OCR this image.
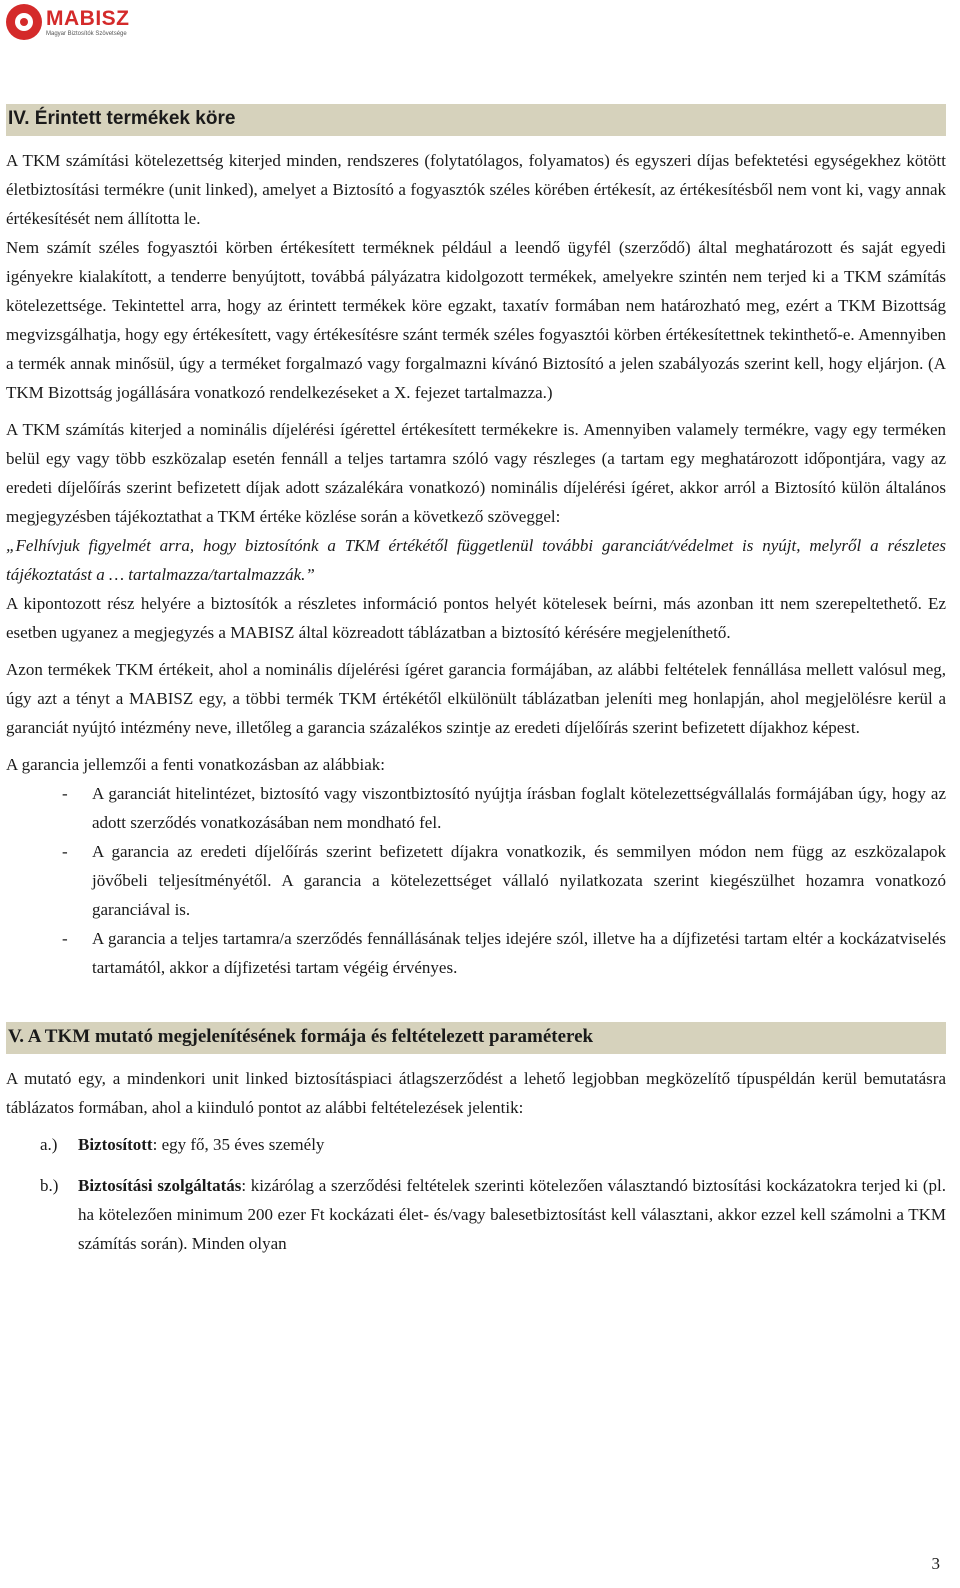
MABISZ
Magyar Biztosítók Szövetsége
IV. Érintett termékek köre

A TKM számítási kötelezettség kiterjed minden, rendszeres (folytatólagos, folyamatos) és egyszeri díjas befektetési egységekhez kötött életbiztosítási termékre (unit linked), amelyet a Biztosító a fogyasztók széles körében értékesít, az értékesítésből nem vont ki, vagy annak értékesítését nem állította le.

Nem számít széles fogyasztói körben értékesített terméknek például a leendő ügyfél (szerződő) által meghatározott és saját egyedi igényekre kialakított, a tenderre benyújtott, továbbá pályázatra kidolgozott termékek, amelyekre szintén nem terjed ki a TKM számítás kötelezettsége. Tekintettel arra, hogy az érintett termékek köre egzakt, taxatív formában nem határozható meg, ezért a TKM Bizottság megvizsgálhatja, hogy egy értékesített, vagy értékesítésre szánt termék széles fogyasztói körben értékesítettnek tekinthető-e. Amennyiben a termék annak minősül, úgy a terméket forgalmazó vagy forgalmazni kívánó Biztosító a jelen szabályozás szerint kell, hogy eljárjon. (A TKM Bizottság jogállására vonatkozó rendelkezéseket a X. fejezet tartalmazza.)

A TKM számítás kiterjed a nominális díjelérési ígérettel értékesített termékekre is. Amennyiben valamely termékre, vagy egy terméken belül egy vagy több eszközalap esetén fennáll a teljes tartamra szóló vagy részleges (a tartam egy meghatározott időpontjára, vagy az eredeti díjelőírás szerint befizetett díjak adott százalékára vonatkozó) nominális díjelérési ígéret, akkor arról a Biztosító külön általános megjegyzésben tájékoztathat a TKM értéke közlése során a következő szöveggel:

„Felhívjuk figyelmét arra, hogy biztosítónk a TKM értékétől függetlenül további garanciát/védelmet is nyújt, melyről a részletes tájékoztatást a … tartalmazza/tartalmazzák.”

A kipontozott rész helyére a biztosítók a részletes információ pontos helyét kötelesek beírni, más azonban itt nem szerepeltethető. Ez esetben ugyanez a megjegyzés a MABISZ által közreadott táblázatban a biztosító kérésére megjeleníthető.

Azon termékek TKM értékeit, ahol a nominális díjelérési ígéret garancia formájában, az alábbi feltételek fennállása mellett valósul meg, úgy azt a tényt a MABISZ egy, a többi termék TKM értékétől elkülönült táblázatban jeleníti meg honlapján, ahol megjelölésre kerül a garanciát nyújtó intézmény neve, illetőleg a garancia százalékos szintje az eredeti díjelőírás szerint befizetett díjakhoz képest.

A garancia jellemzői a fenti vonatkozásban az alábbiak:

- A garanciát hitelintézet, biztosító vagy viszontbiztosító nyújtja írásban foglalt kötelezettségvállalás formájában úgy, hogy az adott szerződés vonatkozásában nem mondható fel.
- A garancia az eredeti díjelőírás szerint befizetett díjakra vonatkozik, és semmilyen módon nem függ az eszközalapok jövőbeli teljesítményétől. A garancia a kötelezettséget vállaló nyilatkozata szerint kiegészülhet hozamra vonatkozó garanciával is.
- A garancia a teljes tartamra/a szerződés fennállásának teljes idejére szól, illetve ha a díjfizetési tartam eltér a kockázatviselés tartamától, akkor a díjfizetési tartam végéig érvényes.
V. A TKM mutató megjelenítésének formája és feltételezett paraméterek

A mutató egy, a mindenkori unit linked biztosításpiaci átlagszerződést a lehető legjobban megközelítő típuspéldán kerül bemutatásra táblázatos formában, ahol a kiinduló pontot az alábbi feltételezések jelentik:

a.) Biztosított: egy fő, 35 éves személy
b.) Biztosítási szolgáltatás: kizárólag a szerződési feltételek szerinti kötelezően választandó biztosítási kockázatokra terjed ki (pl. ha kötelezően minimum 200 ezer Ft kockázati élet- és/vagy balesetbiztosítást kell választani, akkor ezzel kell számolni a TKM számítás során). Minden olyan
3
